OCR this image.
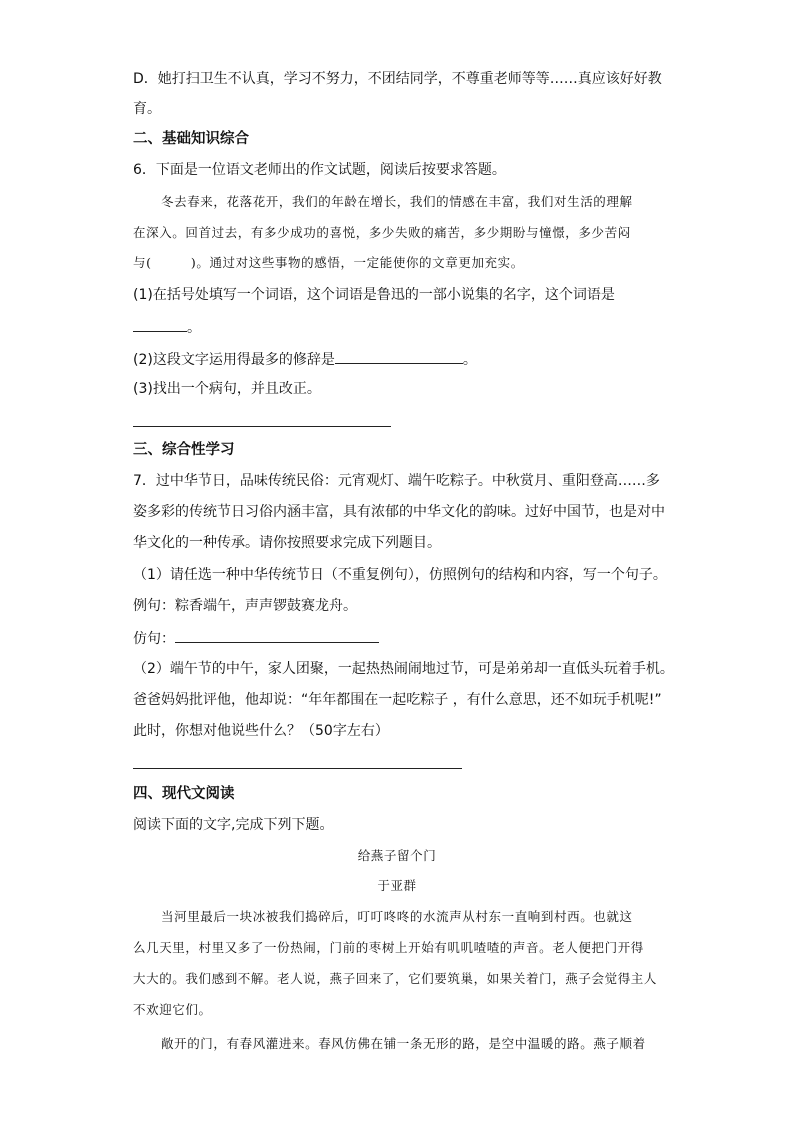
D．她打扫卫生不认真，学习不努力，不团结同学，不尊重老师等等……真应该好好教
育。
二、基础知识综合
6．下面是一位语文老师出的作文试题，阅读后按要求答题。
冬去春来，花落花开，我们的年龄在增长，我们的情感在丰富，我们对生活的理解
在深入。回首过去，有多少成功的喜悦，多少失败的痛苦，多少期盼与憧憬，多少苦闷
与(　　　)。通过对这些事物的感悟，一定能使你的文章更加充实。
(1)在括号处填写一个词语，这个词语是鲁迅的一部小说集的名字，这个词语是
。
(2)这段文字运用得最多的修辞是	。
(3)找出一个病句，并且改正。
三、综合性学习
7．过中华节日，品味传统民俗：元宵观灯、端午吃粽子。中秋赏月、重阳登高……多
姿多彩的传统节日习俗内涵丰富，具有浓郁的中华文化的韵味。过好中国节，也是对中
华文化的一种传承。请你按照要求完成下列题目。
（1）请任选一种中华传统节日（不重复例句），仿照例句的结构和内容，写一个句子。
例句：粽香端午，声声锣鼓赛龙舟。
仿句：
（2）端午节的中午，家人团聚，一起热热闹闹地过节，可是弟弟却一直低头玩着手机。
爸爸妈妈批评他，他却说：“年年都围在一起吃粽子 ，有什么意思，还不如玩手机呢!”
此时，你想对他说些什么？（50字左右）
四、现代文阅读
阅读下面的文字,完成下列下题。
给燕子留个门
于亚群
当河里最后一块冰被我们捣碎后，叮叮咚咚的水流声从村东一直响到村西。也就这
么几天里，村里又多了一份热闹，门前的枣树上开始有叽叽喳喳的声音。老人便把门开得
大大的。我们感到不解。老人说，燕子回来了，它们要筑巢，如果关着门，燕子会觉得主人
不欢迎它们。
敞开的门，有春风灌进来。春风仿佛在铺一条无形的路，是空中温暖的路。燕子顺着
